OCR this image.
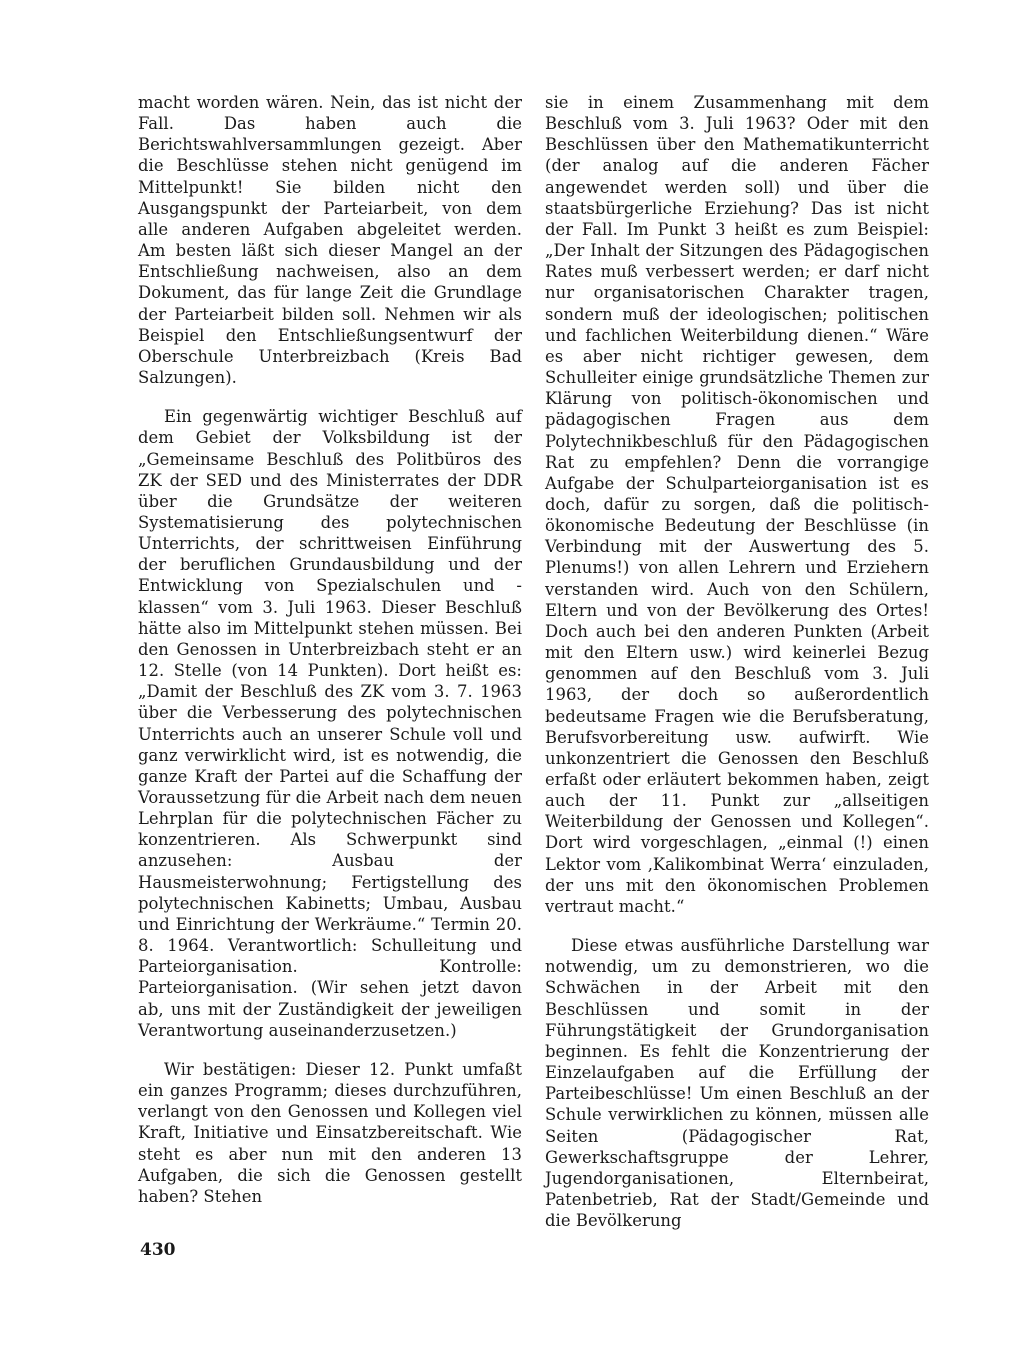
macht worden wären. Nein, das ist nicht der Fall. Das haben auch die Berichtswahlversammlungen gezeigt. Aber die Beschlüsse stehen nicht genügend im Mittelpunkt! Sie bilden nicht den Ausgangspunkt der Parteiarbeit, von dem alle anderen Aufgaben abgeleitet werden. Am besten läßt sich dieser Mangel an der Entschließung nachweisen, also an dem Dokument, das für lange Zeit die Grundlage der Parteiarbeit bilden soll. Nehmen wir als Beispiel den Entschließungsentwurf der Oberschule Unterbreizbach (Kreis Bad Salzungen).

Ein gegenwärtig wichtiger Beschluß auf dem Gebiet der Volksbildung ist der „Gemeinsame Beschluß des Politbüros des ZK der SED und des Ministerrates der DDR über die Grundsätze der weiteren Systematisierung des polytechnischen Unterrichts, der schrittweisen Einführung der beruflichen Grundausbildung und der Entwicklung von Spezialschulen und -klassen“ vom 3. Juli 1963. Dieser Beschluß hätte also im Mittelpunkt stehen müssen. Bei den Genossen in Unterbreizbach steht er an 12. Stelle (von 14 Punkten). Dort heißt es: „Damit der Beschluß des ZK vom 3. 7. 1963 über die Verbesserung des polytechnischen Unterrichts auch an unserer Schule voll und ganz verwirklicht wird, ist es notwendig, die ganze Kraft der Partei auf die Schaffung der Voraussetzung für die Arbeit nach dem neuen Lehrplan für die polytechnischen Fächer zu konzentrieren. Als Schwerpunkt sind anzusehen: Ausbau der Hausmeisterwohnung; Fertigstellung des polytechnischen Kabinetts; Umbau, Ausbau und Einrichtung der Werkräume.“ Termin 20. 8. 1964. Verantwortlich: Schulleitung und Parteiorganisation. Kontrolle: Parteiorganisation. (Wir sehen jetzt davon ab, uns mit der Zuständigkeit der jeweiligen Verantwortung auseinanderzusetzen.)

Wir bestätigen: Dieser 12. Punkt umfaßt ein ganzes Programm; dieses durchzuführen, verlangt von den Genossen und Kollegen viel Kraft, Initiative und Einsatzbereitschaft. Wie steht es aber nun mit den anderen 13 Aufgaben, die sich die Genossen gestellt haben? Stehen

sie in einem Zusammenhang mit dem Beschluß vom 3. Juli 1963? Oder mit den Beschlüssen über den Mathematikunterricht (der analog auf die anderen Fächer angewendet werden soll) und über die staatsbürgerliche Erziehung? Das ist nicht der Fall. Im Punkt 3 heißt es zum Beispiel: „Der Inhalt der Sitzungen des Pädagogischen Rates muß verbessert werden; er darf nicht nur organisatorischen Charakter tragen, sondern muß der ideologischen; politischen und fachlichen Weiterbildung dienen.“ Wäre es aber nicht richtiger gewesen, dem Schulleiter einige grundsätzliche Themen zur Klärung von politisch-ökonomischen und pädagogischen Fragen aus dem Polytechnikbeschluß für den Pädagogischen Rat zu empfehlen? Denn die vorrangige Aufgabe der Schulparteiorganisation ist es doch, dafür zu sorgen, daß die politisch-ökonomische Bedeutung der Beschlüsse (in Verbindung mit der Auswertung des 5. Plenums!) von allen Lehrern und Erziehern verstanden wird. Auch von den Schülern, Eltern und von der Bevölkerung des Ortes! Doch auch bei den anderen Punkten (Arbeit mit den Eltern usw.) wird keinerlei Bezug genommen auf den Beschluß vom 3. Juli 1963, der doch so außerordentlich bedeutsame Fragen wie die Berufsberatung, Berufsvorbereitung usw. aufwirft. Wie unkonzentriert die Genossen den Beschluß erfaßt oder erläutert bekommen haben, zeigt auch der 11. Punkt zur „allseitigen Weiterbildung der Genossen und Kollegen“. Dort wird vorgeschlagen, „einmal (!) einen Lektor vom ‚Kalikombinat Werra‘ einzuladen, der uns mit den ökonomischen Problemen vertraut macht.“

Diese etwas ausführliche Darstellung war notwendig, um zu demonstrieren, wo die Schwächen in der Arbeit mit den Beschlüssen und somit in der Führungstätigkeit der Grundorganisation beginnen. Es fehlt die Konzentrierung der Einzelaufgaben auf die Erfüllung der Parteibeschlüsse! Um einen Beschluß an der Schule verwirklichen zu können, müssen alle Seiten (Pädagogischer Rat, Gewerkschaftsgruppe der Lehrer, Jugendorganisationen, Elternbeirat, Patenbetrieb, Rat der Stadt/Gemeinde und die Bevölkerung

430
